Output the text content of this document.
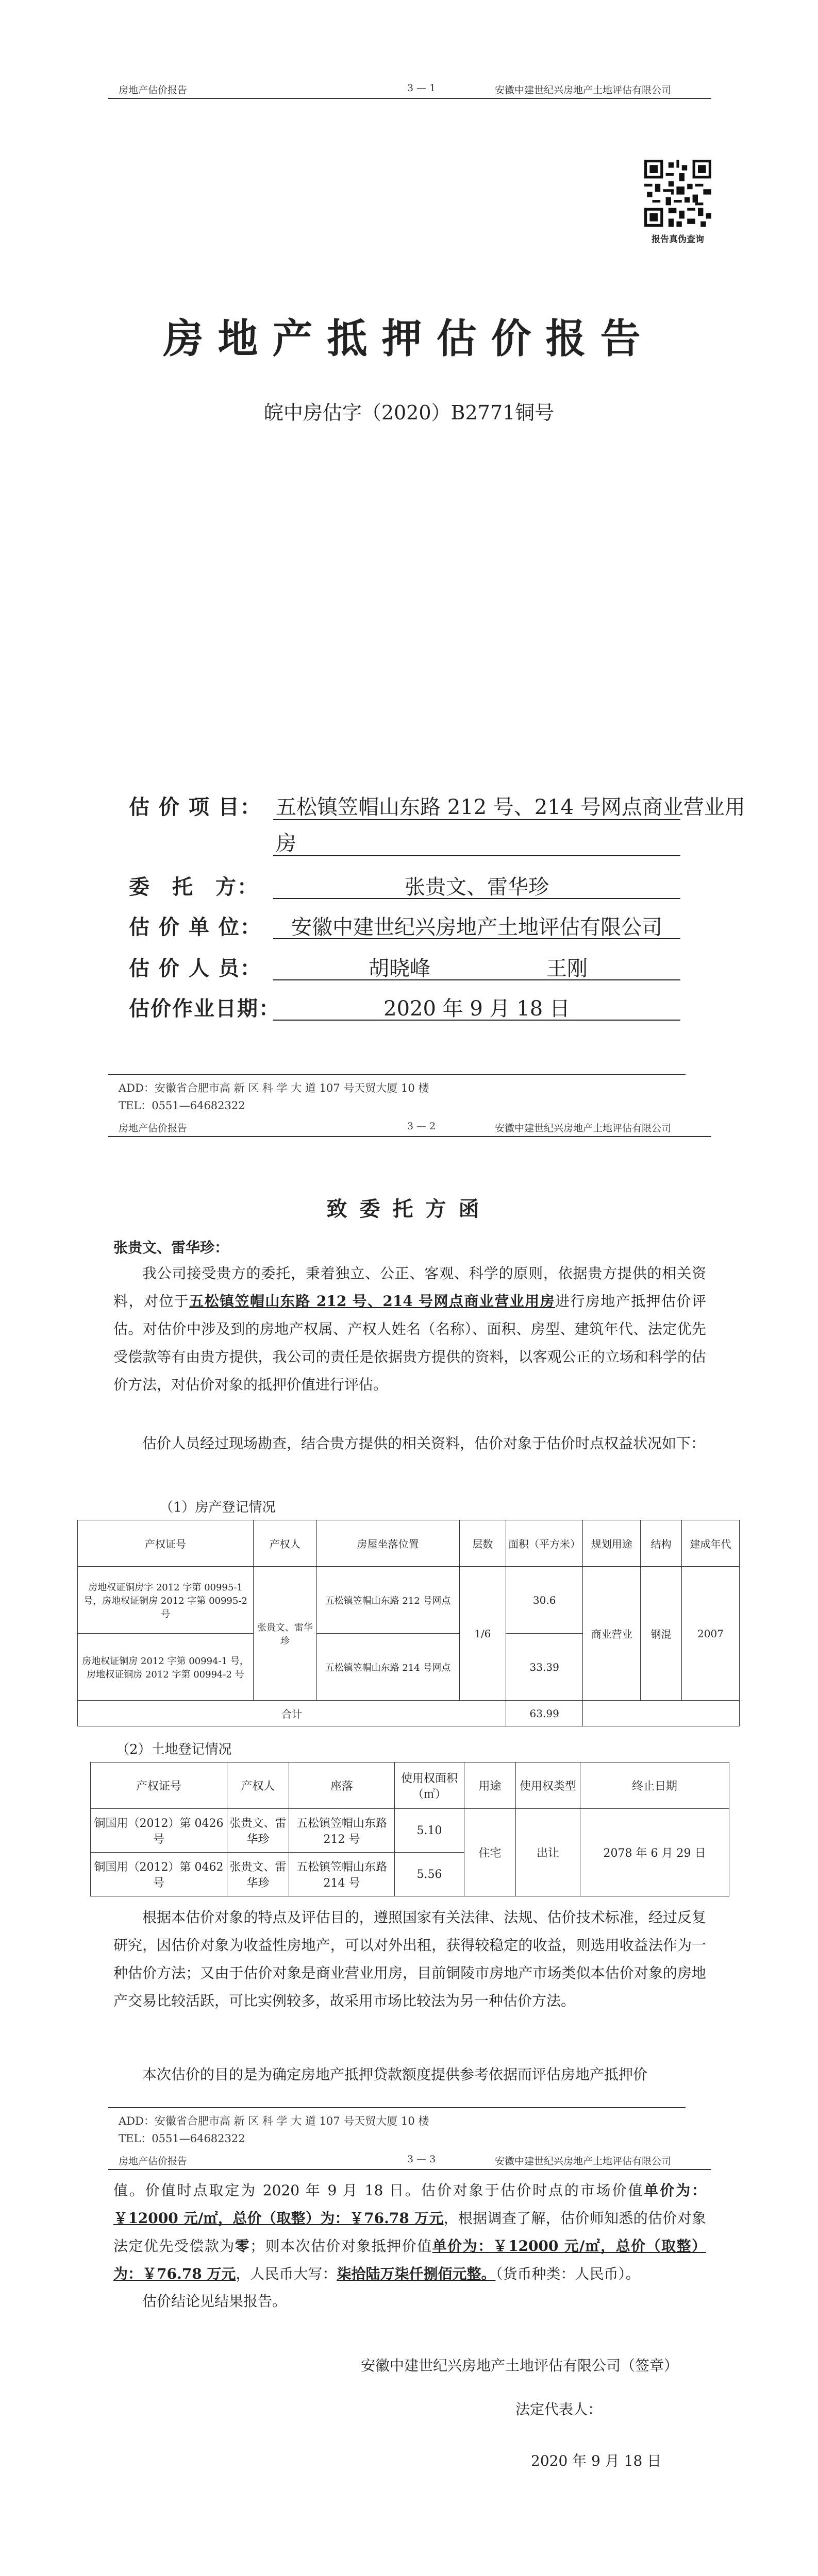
房地产估价报告	3 — 1	安徽中建世纪兴房地产土地评估有限公司
报告真伪查询
房地产抵押估价报告
皖中房估字（2020）B2771铜号
估 价 项 目： 五松镇笠帽山东路 212 号、214 号网点商业营业用
房
委　托　方：	张贵文、雷华珍
估 价 单 位：	安徽中建世纪兴房地产土地评估有限公司
估 价 人 员：	胡晓峰	王刚
估价作业日期：	2020 年 9 月 18 日
ADD：安徽省合肥市高 新 区 科 学 大 道 107 号天贸大厦 10 楼
TEL：0551—64682322
房地产估价报告	3 — 2	安徽中建世纪兴房地产土地评估有限公司
致委托方函
张贵文、雷华珍：
我公司接受贵方的委托，秉着独立、公正、客观、科学的原则，依据贵方提供的相关资料，对位于五松镇笠帽山东路 212 号、214 号网点商业营业用房进行房地产抵押估价评估。对估价中涉及到的房地产权属、产权人姓名（名称）、面积、房型、建筑年代、法定优先受偿款等有由贵方提供，我公司的责任是依据贵方提供的资料，以客观公正的立场和科学的估价方法，对估价对象的抵押价值进行评估。
估价人员经过现场勘查，结合贵方提供的相关资料，估价对象于估价时点权益状况如下：
（1）房产登记情况
产权证号	产权人	房屋坐落位置	层数	面积（平方米）	规划用途	结构	建成年代
房地权证铜房字 2012 字第 00995-1 号，房地权证铜房 2012 字第 00995-2 号	张贵文、雷华珍	五松镇笠帽山东路 212 号网点	1/6	30.6	商业营业	钢混	2007
房地权证铜房 2012 字第 00994-1 号，房地权证铜房 2012 字第 00994-2 号		五松镇笠帽山东路 214 号网点		33.39			
合计				63.99			
（2）土地登记情况
产权证号	产权人	座落	使用权面积（㎡）	用途	使用权类型	终止日期
铜国用（2012）第 0426 号	张贵文、雷华珍	五松镇笠帽山东路 212 号	5.10	住宅	出让	2078 年 6 月 29 日
铜国用（2012）第 0462 号	张贵文、雷华珍	五松镇笠帽山东路 214 号	5.56			
根据本估价对象的特点及评估目的，遵照国家有关法律、法规、估价技术标准，经过反复研究，因估价对象为收益性房地产，可以对外出租，获得较稳定的收益，则选用收益法作为一种估价方法；又由于估价对象是商业营业用房，目前铜陵市房地产市场类似本估价对象的房地产交易比较活跃，可比实例较多，故采用市场比较法为另一种估价方法。
本次估价的目的是为确定房地产抵押贷款额度提供参考依据而评估房地产抵押价
ADD：安徽省合肥市高 新 区 科 学 大 道 107 号天贸大厦 10 楼
TEL：0551—64682322
房地产估价报告	3 — 3	安徽中建世纪兴房地产土地评估有限公司
值。价值时点取定为 2020 年 9 月 18 日。估价对象于估价时点的市场价值单价为：￥12000 元/㎡，总价（取整）为：￥76.78 万元，根据调查了解，估价师知悉的估价对象法定优先受偿款为零；则本次估价对象抵押价值单价为：￥12000 元/㎡，总价（取整）为：￥76.78 万元，人民币大写：柒拾陆万柒仟捌佰元整。（货币种类：人民币）。
估价结论见结果报告。
安徽中建世纪兴房地产土地评估有限公司（签章）
法定代表人：
2020 年 9 月 18 日
